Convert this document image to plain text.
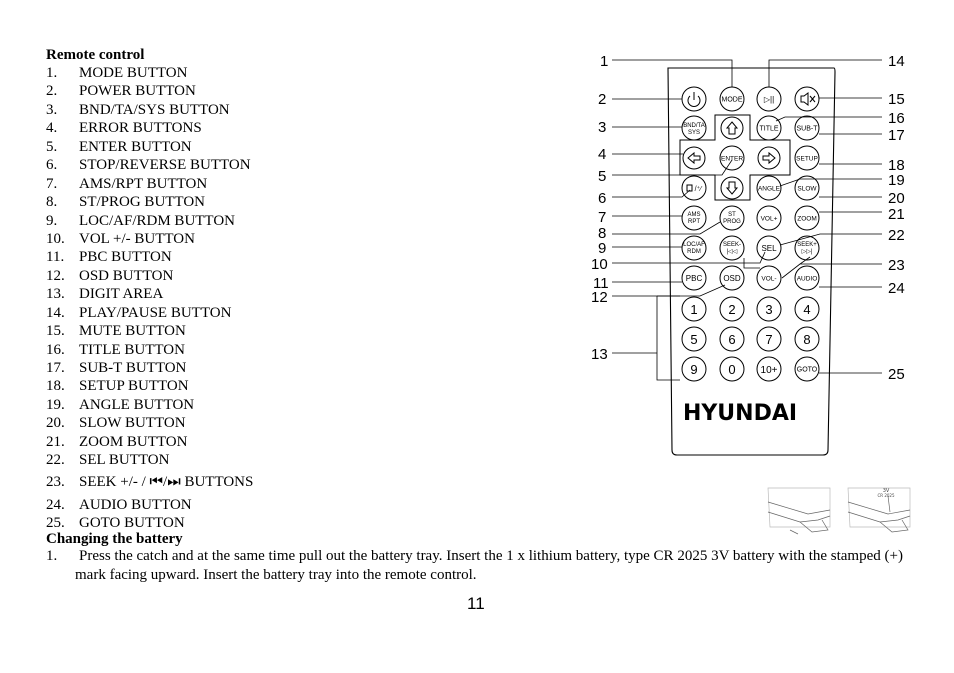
Remote control
1. MODE BUTTON
2. POWER BUTTON
3. BND/TA/SYS BUTTON
4. ERROR BUTTONS
5. ENTER BUTTON
6. STOP/REVERSE BUTTON
7. AMS/RPT BUTTON
8. ST/PROG BUTTON
9. LOC/AF/RDM BUTTON
10. VOL +/- BUTTON
11. PBC BUTTON
12. OSD BUTTON
13. DIGIT AREA
14. PLAY/PAUSE BUTTON
15. MUTE BUTTON
16. TITLE BUTTON
17. SUB-T BUTTON
18. SETUP BUTTON
19. ANGLE BUTTON
20. SLOW BUTTON
21. ZOOM BUTTON
22. SEL BUTTON
23. SEEK +/- / ⏮/⏭ BUTTONS
24. AUDIO BUTTON
25. GOTO BUTTON
Changing the battery
1. Press the catch and at the same time pull out the battery tray. Insert the 1 x lithium battery, type CR 2025 3V battery with the stamped (+) mark facing upward. Insert the battery tray into the remote control.
11
MODE	▷||
BND/TA
SYS
TITLE	SUB-T
ENTER	SETUP
/⁺⁄	ANGLE	SLOW
AMS
RPT
ST
PROG	VOL+	ZOOM
LOC/AF
RDM
SEEK-
|◁◁	SEL	SEEK+
▷▷|
PBC	OSD	VOL-	AUDIO
1 2 3 4
5 6 7 8
9 0 10+	GOTO
HYUNDAI
1
2
3
4
5
6
7
8
9
10
11
12
13
14
15
16
17
18
19
20
21
22
23
24
25
3V
CR 2025
